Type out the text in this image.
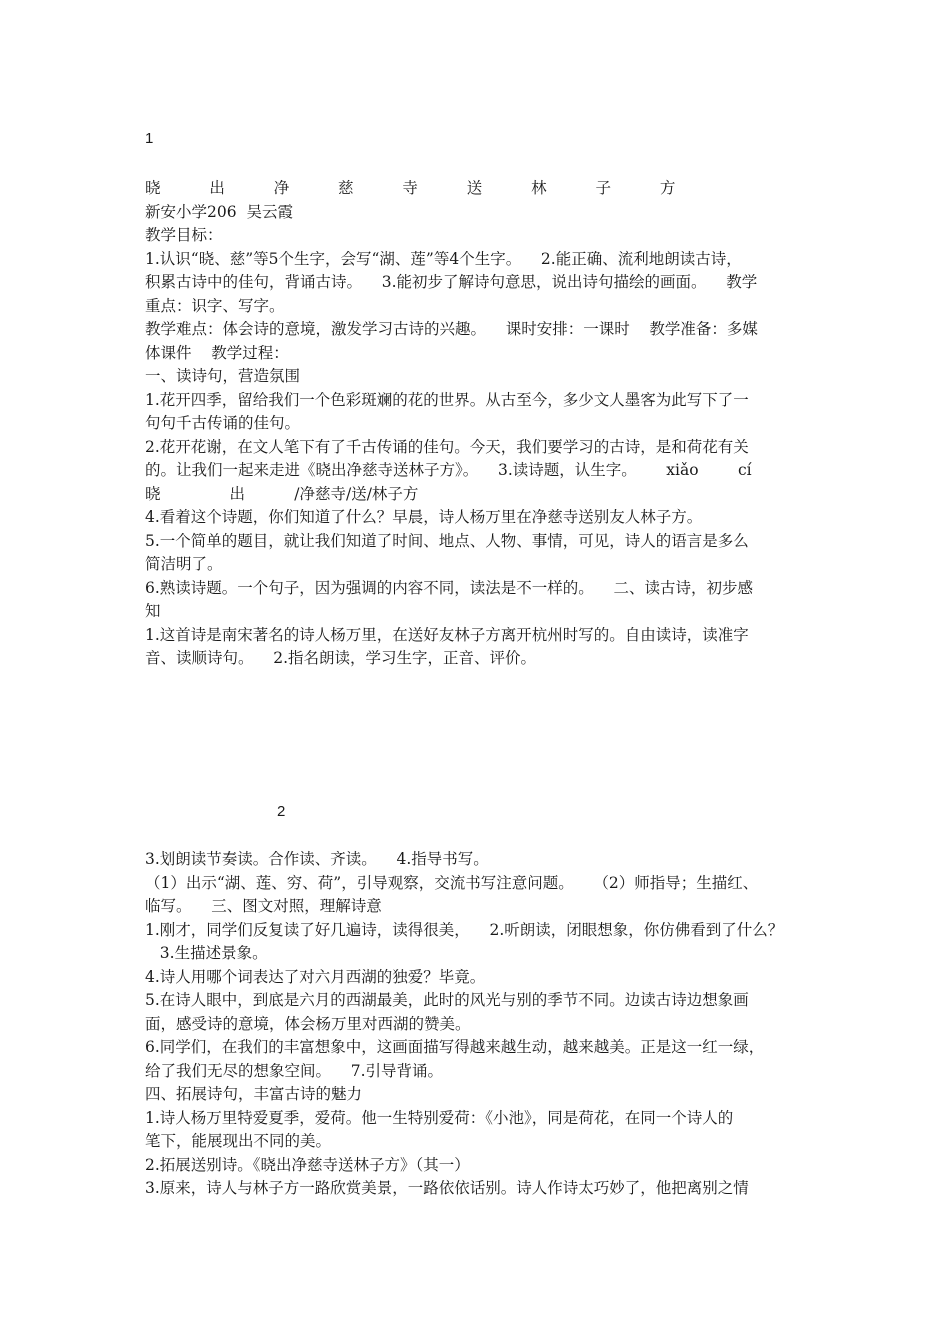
1
晓  出  净  慈  寺  送  林  子  方
新安小学206  吴云霞
教学目标：
1.认识“晓、慈”等5个生字，会写“湖、莲”等4个生字。    2.能正确、流利地朗读古诗，
积累古诗中的佳句，背诵古诗。    3.能初步了解诗句意思，说出诗句描绘的画面。    教学
重点：识字、写字。
教学难点：体会诗的意境，激发学习古诗的兴趣。    课时安排：一课时    教学准备：多媒
体课件    教学过程：
一、读诗句，营造氛围
1.花开四季，留给我们一个色彩斑斓的花的世界。从古至今，多少文人墨客为此写下了一
句句千古传诵的佳句。
2.花开花谢，在文人笔下有了千古传诵的佳句。今天，我们要学习的古诗，是和荷花有关
的。让我们一起来走进《晓出净慈寺送林子方》。    3.读诗题，认生字。      xiǎo        cí
晓              出          /净慈寺/送/林子方
4.看着这个诗题，你们知道了什么？早晨，诗人杨万里在净慈寺送别友人林子方。
5.一个简单的题目，就让我们知道了时间、地点、人物、事情，可见，诗人的语言是多么
简洁明了。
6.熟读诗题。一个句子，因为强调的内容不同，读法是不一样的。    二、读古诗，初步感
知
1.这首诗是南宋著名的诗人杨万里，在送好友林子方离开杭州时写的。自由读诗，读准字
音、读顺诗句。    2.指名朗读，学习生字，正音、评价。
2
3.划朗读节奏读。合作读、齐读。    4.指导书写。
（1）出示“湖、莲、穷、荷”，引导观察，交流书写注意问题。    （2）师指导；生描红、
临写。    三、图文对照，理解诗意
1.刚才，同学们反复读了好几遍诗，读得很美，    2.听朗读，闭眼想象，你仿佛看到了什么？
3.生描述景象。
4.诗人用哪个词表达了对六月西湖的独爱？毕竟。
5.在诗人眼中，到底是六月的西湖最美，此时的风光与别的季节不同。边读古诗边想象画
面，感受诗的意境，体会杨万里对西湖的赞美。
6.同学们，在我们的丰富想象中，这画面描写得越来越生动，越来越美。正是这一红一绿，
给了我们无尽的想象空间。    7.引导背诵。
四、拓展诗句，丰富古诗的魅力
1.诗人杨万里特爱夏季，爱荷。他一生特别爱荷：《小池》，同是荷花，在同一个诗人的
笔下，能展现出不同的美。
2.拓展送别诗。《晓出净慈寺送林子方》（其一）
3.原来，诗人与林子方一路欣赏美景，一路依依话别。诗人作诗太巧妙了，他把离别之情
